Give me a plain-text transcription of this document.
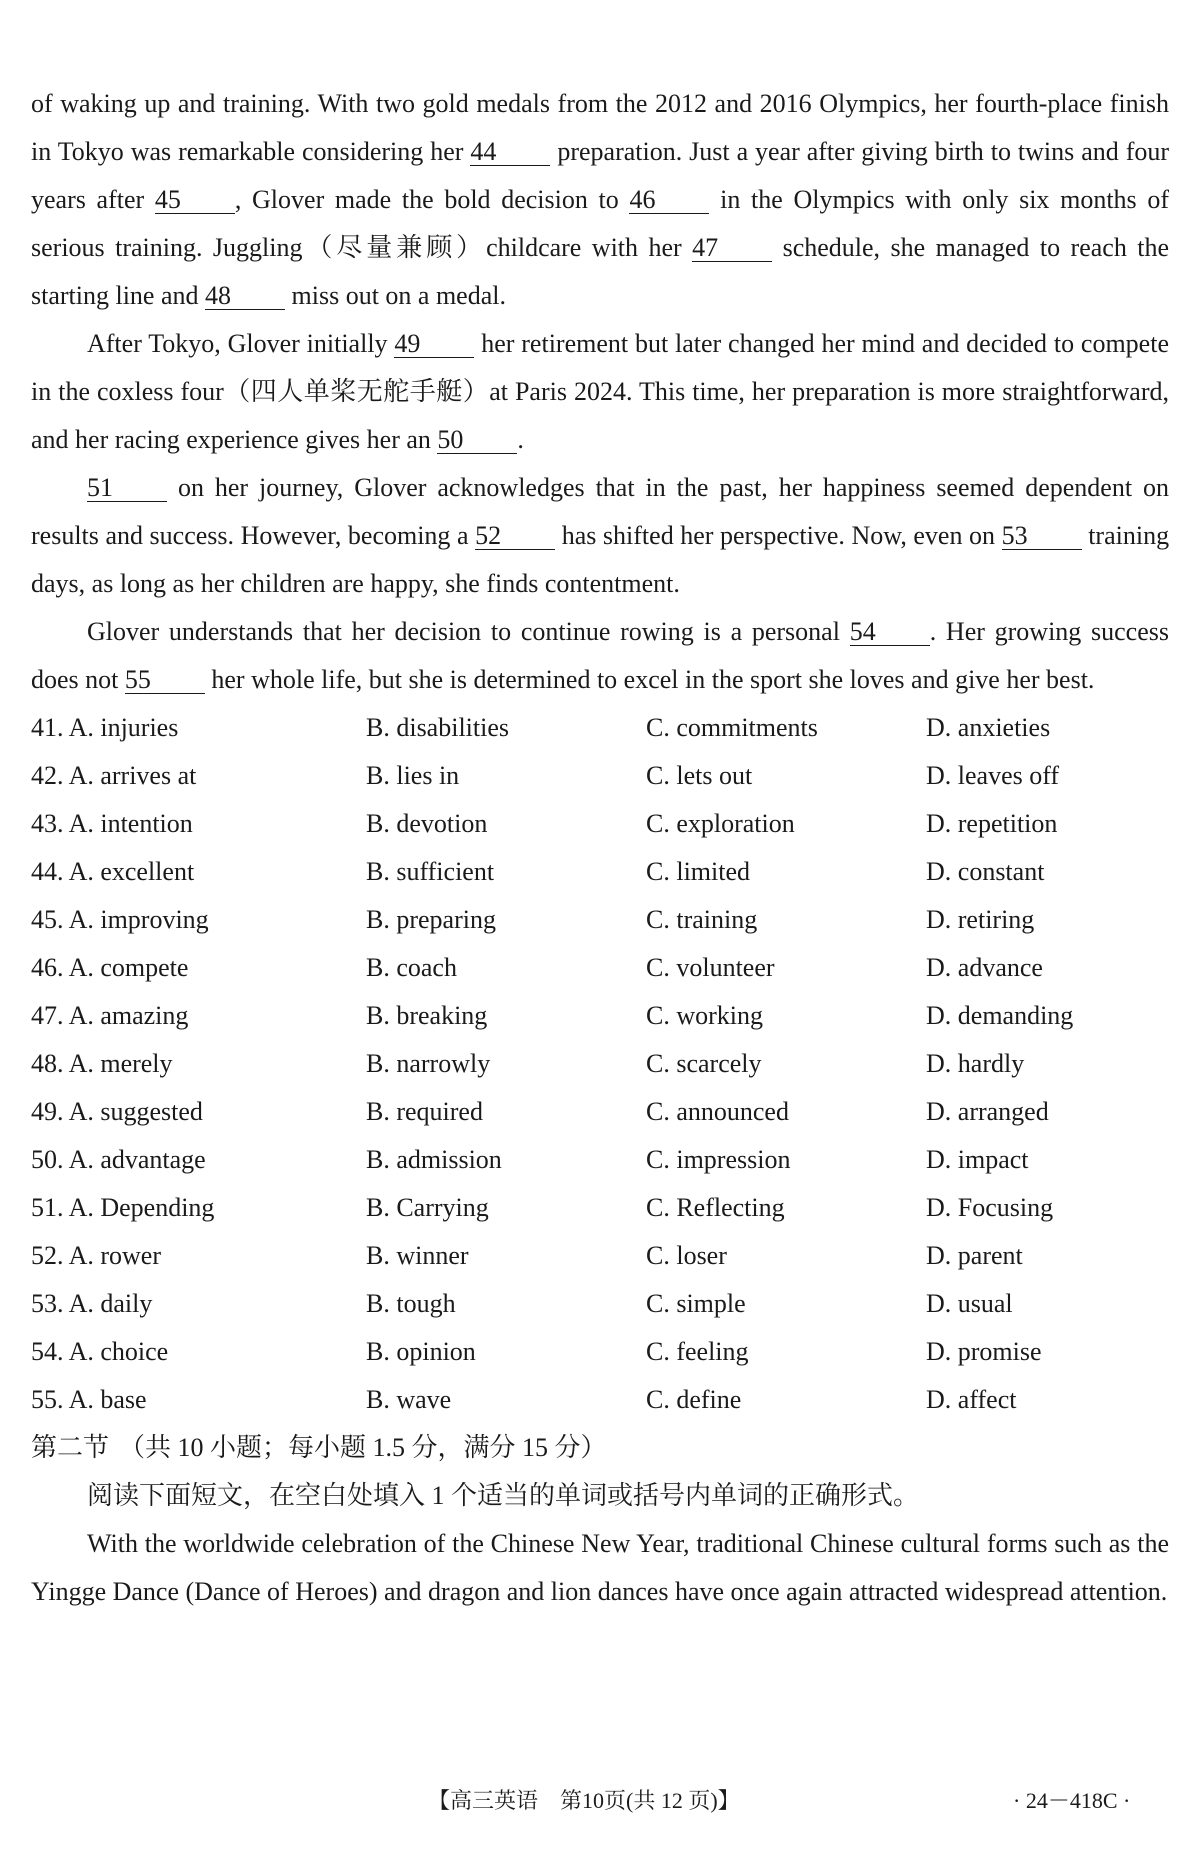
of waking up and training. With two gold medals from the 2012 and 2016 Olympics, her fourth-place finish in Tokyo was remarkable considering her 44 preparation. Just a year after giving birth to twins and four years after 45 , Glover made the bold decision to 46 in the Olympics with only six months of serious training. Juggling（尽量兼顾）childcare with her 47 schedule, she managed to reach the starting line and 48 miss out on a medal.

After Tokyo, Glover initially 49 her retirement but later changed her mind and decided to compete in the coxless four（四人单桨无舵手艇）at Paris 2024. This time, her preparation is more straightforward, and her racing experience gives her an 50 .

51 on her journey, Glover acknowledges that in the past, her happiness seemed dependent on results and success. However, becoming a 52 has shifted her perspective. Now, even on 53 training days, as long as her children are happy, she finds contentment.

Glover understands that her decision to continue rowing is a personal 54 . Her growing success does not 55 her whole life, but she is determined to excel in the sport she loves and give her best.

41. A. injuries	B. disabilities	C. commitments	D. anxieties
42. A. arrives at	B. lies in	C. lets out	D. leaves off
43. A. intention	B. devotion	C. exploration	D. repetition
44. A. excellent	B. sufficient	C. limited	D. constant
45. A. improving	B. preparing	C. training	D. retiring
46. A. compete	B. coach	C. volunteer	D. advance
47. A. amazing	B. breaking	C. working	D. demanding
48. A. merely	B. narrowly	C. scarcely	D. hardly
49. A. suggested	B. required	C. announced	D. arranged
50. A. advantage	B. admission	C. impression	D. impact
51. A. Depending	B. Carrying	C. Reflecting	D. Focusing
52. A. rower	B. winner	C. loser	D. parent
53. A. daily	B. tough	C. simple	D. usual
54. A. choice	B. opinion	C. feeling	D. promise
55. A. base	B. wave	C. define	D. affect

第二节 （共 10 小题；每小题 1.5 分，满分 15 分）

阅读下面短文，在空白处填入 1 个适当的单词或括号内单词的正确形式。

With the worldwide celebration of the Chinese New Year, traditional Chinese cultural forms such as the Yingge Dance (Dance of Heroes) and dragon and lion dances have once again attracted widespread attention.

【高三英语　第10页(共 12 页)】	· 24－418C ·
